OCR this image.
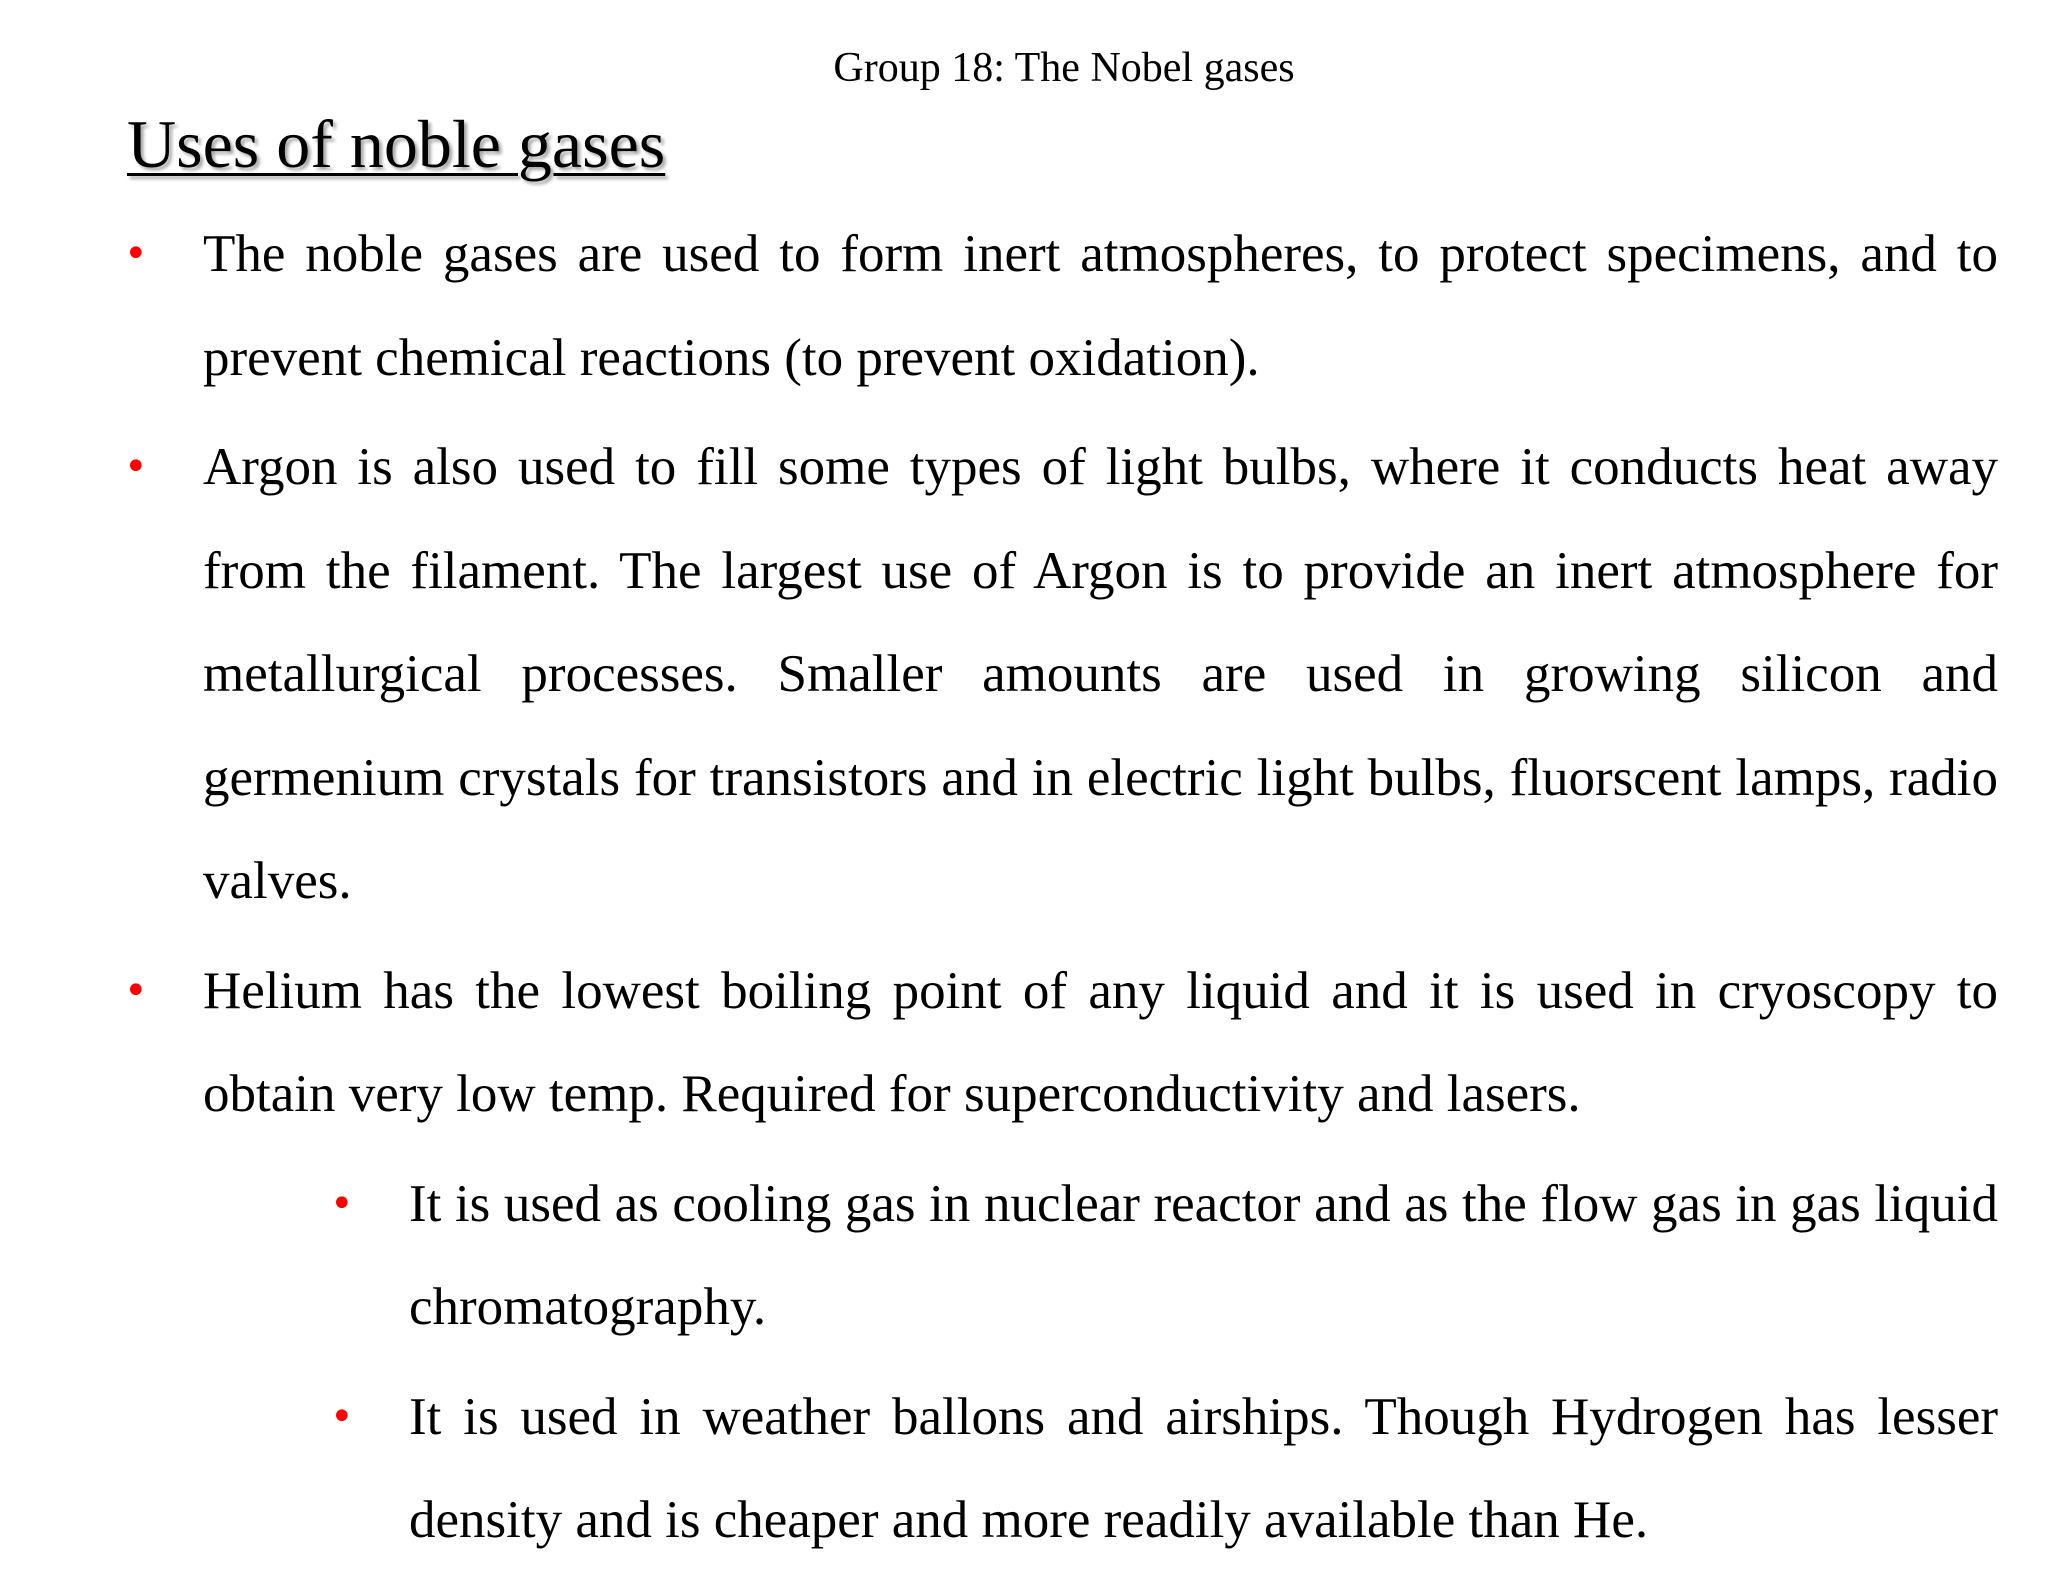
Group 18: The Nobel gases
Uses of noble gases
• The noble gases are used to form inert atmospheres, to protect specimens, and to prevent chemical reactions (to prevent oxidation).
• Argon is also used to fill some types of light bulbs, where it conducts heat away from the filament. The largest use of Argon is to provide an inert atmosphere for metallurgical processes. Smaller amounts are used in growing silicon and germenium crystals for transistors and in electric light bulbs, fluorscent lamps, radio valves.
• Helium has the lowest boiling point of any liquid and it is used in cryoscopy to obtain very low temp. Required for superconductivity and lasers.
• It is used as cooling gas in nuclear reactor and as the flow gas in gas liquid chromatography.
• It is used in weather ballons and airships. Though Hydrogen has lesser density and is cheaper and more readily available than He.
